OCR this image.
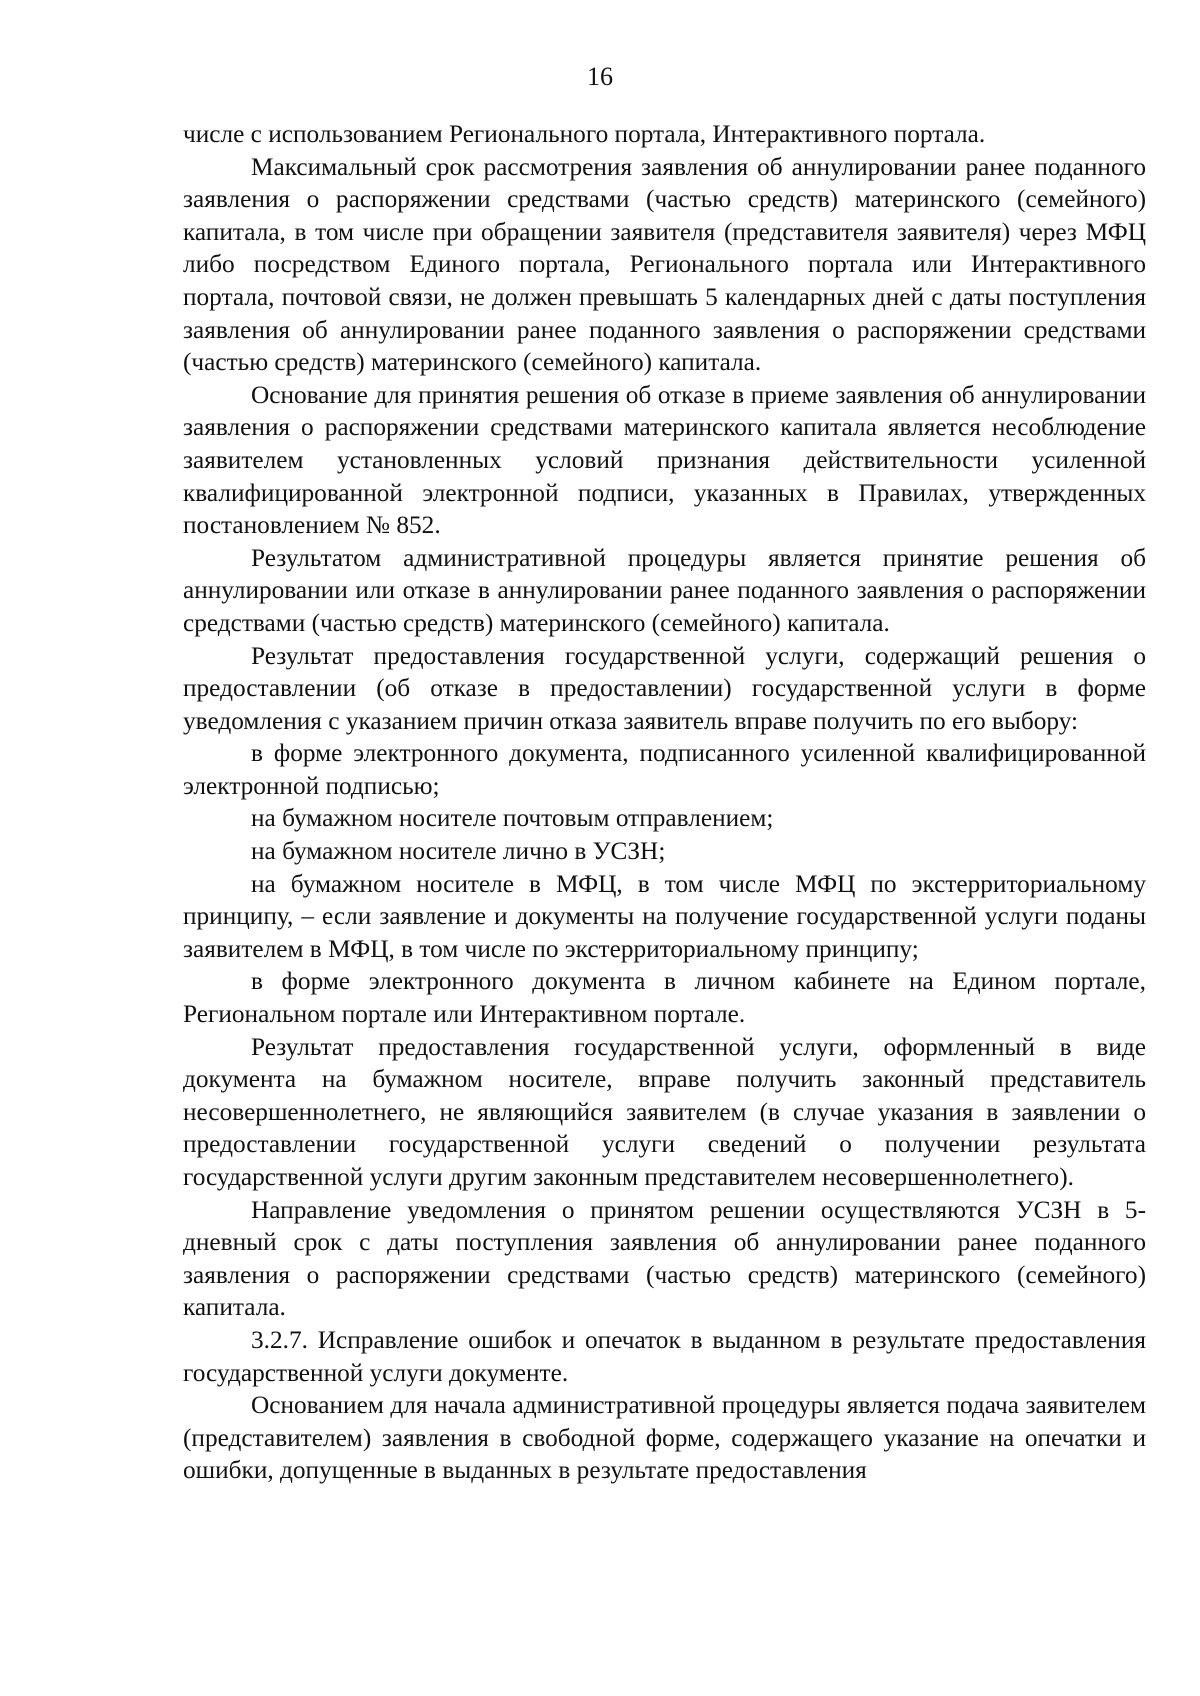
16

числе с использованием Регионального портала, Интерактивного портала.

Максимальный срок рассмотрения заявления об аннулировании ранее поданного заявления о распоряжении средствами (частью средств) материнского (семейного) капитала, в том числе при обращении заявителя (представителя заявителя) через МФЦ либо посредством Единого портала, Регионального портала или Интерактивного портала, почтовой связи, не должен превышать 5 календарных дней с даты поступления заявления об аннулировании ранее поданного заявления о распоряжении средствами (частью средств) материнского (семейного) капитала.

Основание для принятия решения об отказе в приеме заявления об аннулировании заявления о распоряжении средствами материнского капитала является несоблюдение заявителем установленных условий признания действительности усиленной квалифицированной электронной подписи, указанных в Правилах, утвержденных постановлением № 852.

Результатом административной процедуры является принятие решения об аннулировании или отказе в аннулировании ранее поданного заявления о распоряжении средствами (частью средств) материнского (семейного) капитала.

Результат предоставления государственной услуги, содержащий решения о предоставлении (об отказе в предоставлении) государственной услуги в форме уведомления с указанием причин отказа заявитель вправе получить по его выбору:

в форме электронного документа, подписанного усиленной квалифицированной электронной подписью;

на бумажном носителе почтовым отправлением;

на бумажном носителе лично в УСЗН;

на бумажном носителе в МФЦ, в том числе МФЦ по экстерриториальному принципу, – если заявление и документы на получение государственной услуги поданы заявителем в МФЦ, в том числе по экстерриториальному принципу;

в форме электронного документа в личном кабинете на Едином портале, Региональном портале или Интерактивном портале.

Результат предоставления государственной услуги, оформленный в виде документа на бумажном носителе, вправе получить законный представитель несовершеннолетнего, не являющийся заявителем (в случае указания в заявлении о предоставлении государственной услуги сведений о получении результата государственной услуги другим законным представителем несовершеннолетнего).

Направление уведомления о принятом решении осуществляются УСЗН в 5-дневный срок с даты поступления заявления об аннулировании ранее поданного заявления о распоряжении средствами (частью средств) материнского (семейного) капитала.

3.2.7. Исправление ошибок и опечаток в выданном в результате предоставления государственной услуги документе.

Основанием для начала административной процедуры является подача заявителем (представителем) заявления в свободной форме, содержащего указание на опечатки и ошибки, допущенные в выданных в результате предоставления
